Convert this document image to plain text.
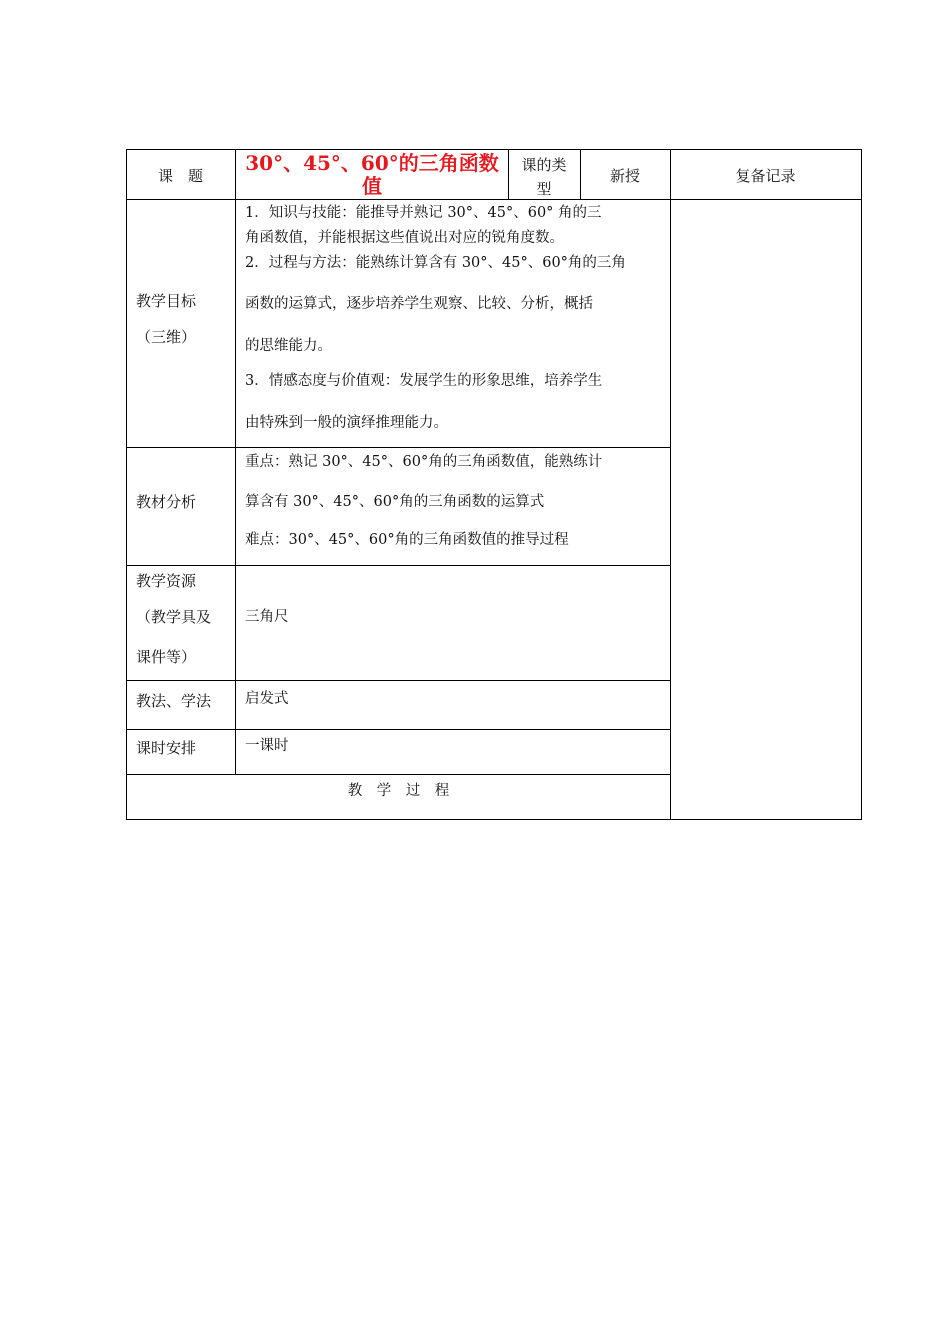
课　题
30°、45°、60°的三角函数
值
课的类
型
新授	复备记录
教学目标
（三维）
1．知识与技能：能推导并熟记 30°、45°、60° 角的三
角函数值，并能根据这些值说出对应的锐角度数。
2．过程与方法：能熟练计算含有 30°、45°、60°角的三角
函数的运算式，逐步培养学生观察、比较、分析，概括
的思维能力。
3．情感态度与价值观：发展学生的形象思维，培养学生
由特殊到一般的演绎推理能力。
教材分析
重点：熟记 30°、45°、60°角的三角函数值，能熟练计
算含有 30°、45°、60°角的三角函数的运算式
难点：30°、45°、60°角的三角函数值的推导过程
教学资源
（教学具及
课件等）
三角尺
教法、学法 启发式
课时安排	一课时
教　学　过　程
